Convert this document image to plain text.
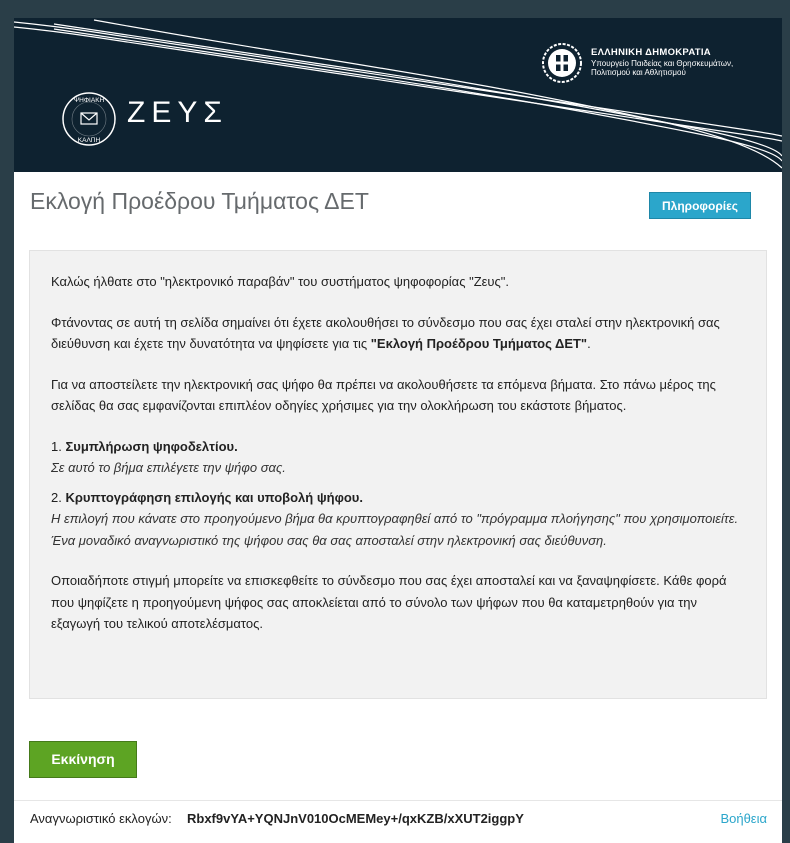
ΨΗΦΙΑΚΗ
ΚΑΛΠΗ
ΖΕΥΣ
ΕΛΛΗΝΙΚΗ ΔΗΜΟΚΡΑΤΙΑ
Υπουργείο Παιδείας και Θρησκευμάτων,
Πολιτισμού και Αθλητισμού
Εκλογή Προέδρου Τμήματος ΔΕΤ	Πληροφορίες

Καλώς ήλθατε στο "ηλεκτρονικό παραβάν" του συστήματος ψηφοφορίας "Ζευς".

Φτάνοντας σε αυτή τη σελίδα σημαίνει ότι έχετε ακολουθήσει το σύνδεσμο που σας έχει σταλεί στην ηλεκτρονική σας διεύθυνση και έχετε την δυνατότητα να ψηφίσετε για τις "Εκλογή Προέδρου Τμήματος ΔΕΤ".

Για να αποστείλετε την ηλεκτρονική σας ψήφο θα πρέπει να ακολουθήσετε τα επόμενα βήματα. Στο πάνω μέρος της σελίδας θα σας εμφανίζονται επιπλέον οδηγίες χρήσιμες για την ολοκλήρωση του εκάστοτε βήματος.

1. Συμπλήρωση ψηφοδελτίου.
Σε αυτό το βήμα επιλέγετε την ψήφο σας.

2. Κρυπτογράφηση επιλογής και υποβολή ψήφου.
Η επιλογή που κάνατε στο προηγούμενο βήμα θα κρυπτογραφηθεί από το "πρόγραμμα πλοήγησης" που χρησιμοποιείτε. Ένα μοναδικό αναγνωριστικό της ψήφου σας θα σας αποσταλεί στην ηλεκτρονική σας διεύθυνση.

Οποιαδήποτε στιγμή μπορείτε να επισκεφθείτε το σύνδεσμο που σας έχει αποσταλεί και να ξαναψηφίσετε. Κάθε φορά που ψηφίζετε η προηγούμενη ψήφος σας αποκλείεται από το σύνολο των ψήφων που θα καταμετρηθούν για την εξαγωγή του τελικού αποτελέσματος.

Εκκίνηση
Αναγνωριστικό εκλογών: Rbxf9vYA+YQNJnV010OcMEMey+/qxKZB/xXUT2iggpY	Βοήθεια
